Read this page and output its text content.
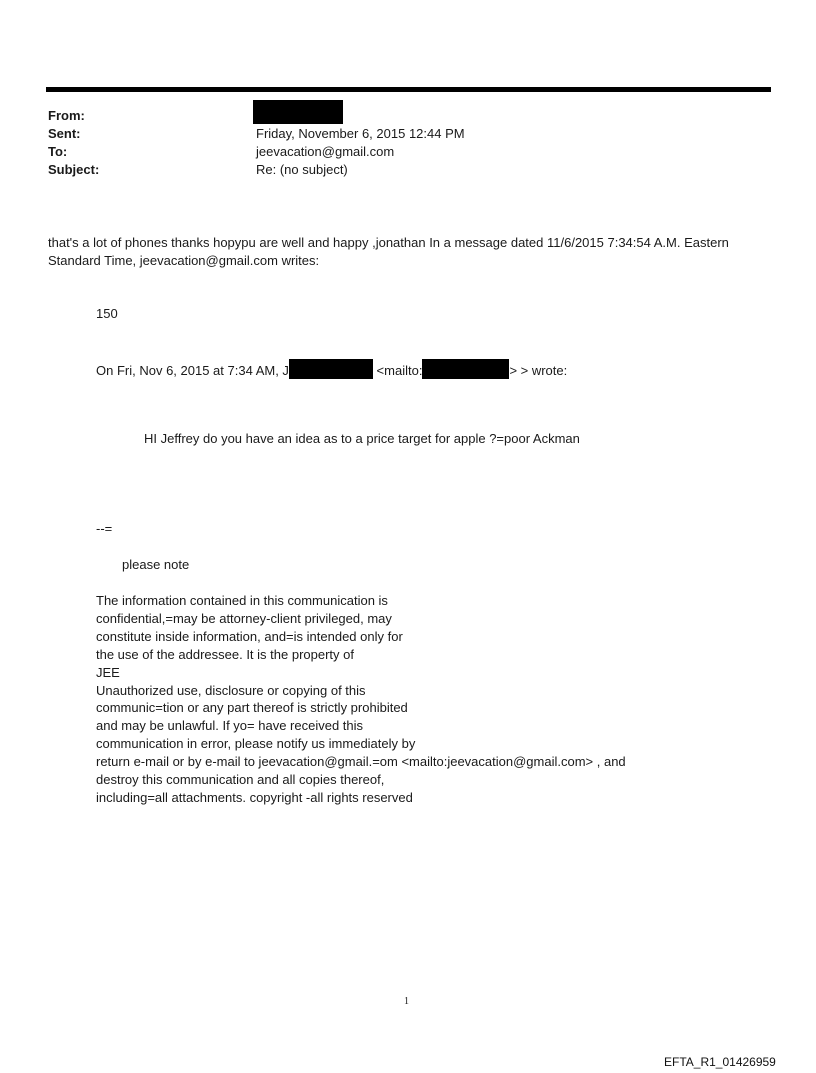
From:
Sent:	Friday, November 6, 2015 12:44 PM
To:	jeevacation@gmail.com
Subject:	Re: (no subject)
that's a lot of phones thanks hopypu are well and happy ,jonathan In a message dated 11/6/2015 7:34:54 A.M. Eastern
Standard Time, jeevacation@gmail.com writes:
150
On Fri, Nov 6, 2015 at 7:34 AM, J	<mailto:	> > wrote:
HI Jeffrey do you have an idea as to a price target for apple ?=poor Ackman
--=
please note
The information contained in this communication is
confidential,=may be attorney-client privileged, may
constitute inside information, and=is intended only for
the use of the addressee. It is the property of
JEE
Unauthorized use, disclosure or copying of this
communic=tion or any part thereof is strictly prohibited
and may be unlawful. If yo= have received this
communication in error, please notify us immediately by
return e-mail or by e-mail to jeevacation@gmail.=om <mailto:jeevacation@gmail.com> , and
destroy this communication and all copies thereof,
including=all attachments. copyright -all rights reserved
1
EFTA_R1_01426959
